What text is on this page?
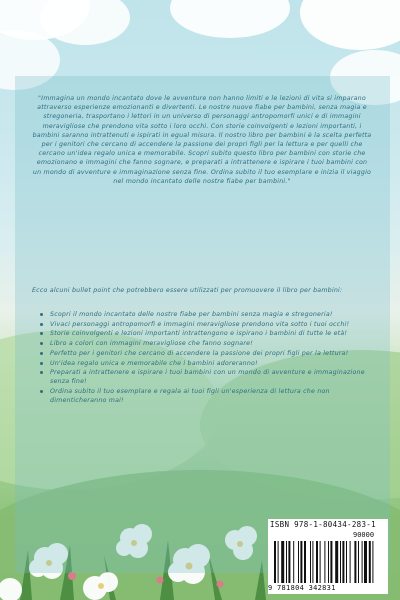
"Immagina un mondo incantato dove le avventure non hanno limiti e le lezioni di vita si imparano attraverso esperienze emozionanti e divertenti. Le nostre nuove fiabe per bambini, senza magia e stregoneria, trasportano i lettori in un universo di personaggi antropomorfi unici e di immagini meravigliose che prendono vita sotto i loro occhi. Con storie coinvolgenti e lezioni importanti, i bambini saranno intrattenuti e ispirati in egual misura. Il nostro libro per bambini è la scelta perfetta per i genitori che cercano di accendere la passione dei propri figli per la lettura e per quelli che cercano un'idea regalo unica e memorabile. Scopri subito questo libro per bambini con storie che emozionano e immagini che fanno sognare, e preparati a intrattenere e ispirare i tuoi bambini con un mondo di avventure e immaginazione senza fine. Ordina subito il tuo esemplare e inizia il viaggio nel mondo incantato delle nostre fiabe per bambini."
Ecco alcuni bullet point che potrebbero essere utilizzati per promuovere il libro per bambini:
Scopri il mondo incantato delle nostre fiabe per bambini senza magia e stregoneria!
Vivaci personaggi antropomorfi e immagini meravigliose prendono vita sotto i tuoi occhi!
Storie coinvolgenti e lezioni importanti intrattengono e ispirano i bambini di tutte le età!
Libro a colori con immagini meravigliose che fanno sognare!
Perfetto per i genitori che cercano di accendere la passione dei propri figli per la lettura!
Un'idea regalo unica e memorabile che i bambini adoreranno!
Preparati a intrattenere e ispirare i tuoi bambini con un mondo di avventure e immaginazione senza fine!
Ordina subito il tuo esemplare e regala ai tuoi figli un'esperienza di lettura che non dimenticheranno mai!
ISBN 978-1-80434-283-1
90000
9 781804 342831
